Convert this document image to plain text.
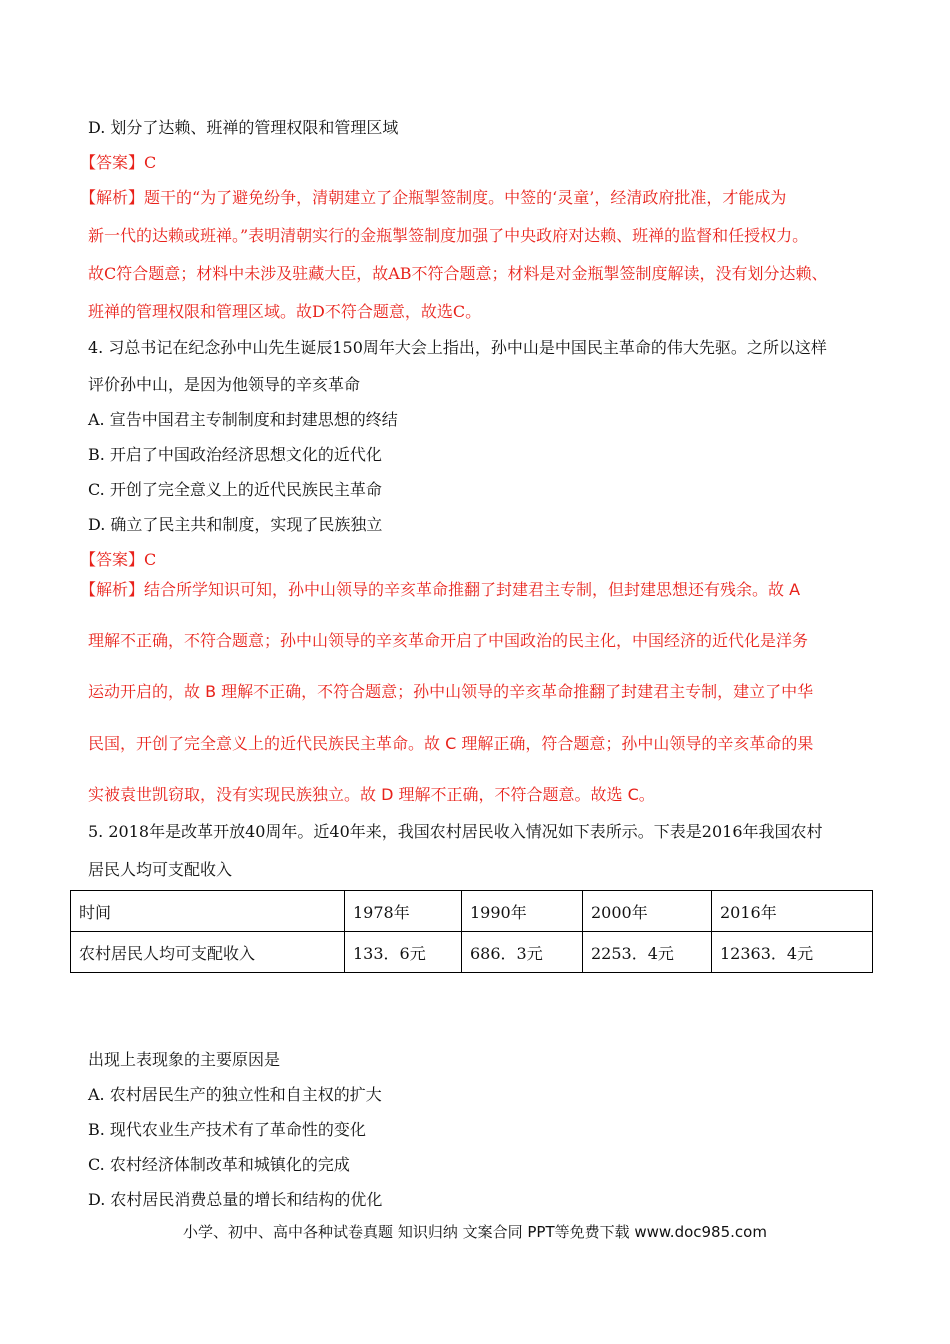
D. 划分了达赖、班禅的管理权限和管理区域
【答案】C
【解析】题干的“为了避免纷争，清朝建立了企瓶掣签制度。中签的‘灵童’，经清政府批准，才能成为
新一代的达赖或班禅。”表明清朝实行的金瓶掣签制度加强了中央政府对达赖、班禅的监督和任授权力。
故C符合题意；材料中未涉及驻藏大臣，故AB不符合题意；材料是对金瓶掣签制度解读，没有划分达赖、
班禅的管理权限和管理区域。故D不符合题意，故选C。
4. 习总书记在纪念孙中山先生诞辰150周年大会上指出，孙中山是中国民主革命的伟大先驱。之所以这样
评价孙中山，是因为他领导的辛亥革命
A. 宣告中国君主专制制度和封建思想的终结
B. 开启了中国政治经济思想文化的近代化
C. 开创了完全意义上的近代民族民主革命
D. 确立了民主共和制度，实现了民族独立
【答案】C
【解析】结合所学知识可知，孙中山领导的辛亥革命推翻了封建君主专制，但封建思想还有残余。故 A
理解不正确，不符合题意；孙中山领导的辛亥革命开启了中国政治的民主化，中国经济的近代化是洋务
运动开启的，故 B 理解不正确，不符合题意；孙中山领导的辛亥革命推翻了封建君主专制，建立了中华
民国，开创了完全意义上的近代民族民主革命。故 C 理解正确，符合题意；孙中山领导的辛亥革命的果
实被袁世凯窃取，没有实现民族独立。故 D 理解不正确，不符合题意。故选 C。
5. 2018年是改革开放40周年。近40年来，我国农村居民收入情况如下表所示。下表是2016年我国农村
居民人均可支配收入
时间	1978年	1990年	2000年	2016年
农村居民人均可支配收入	133．6元	686．3元	2253．4元	12363．4元
出现上表现象的主要原因是
A. 农村居民生产的独立性和自主权的扩大
B. 现代农业生产技术有了革命性的变化
C. 农村经济体制改革和城镇化的完成
D. 农村居民消费总量的增长和结构的优化
小学、初中、高中各种试卷真题 知识归纳 文案合同 PPT等免费下载 www.doc985.com
